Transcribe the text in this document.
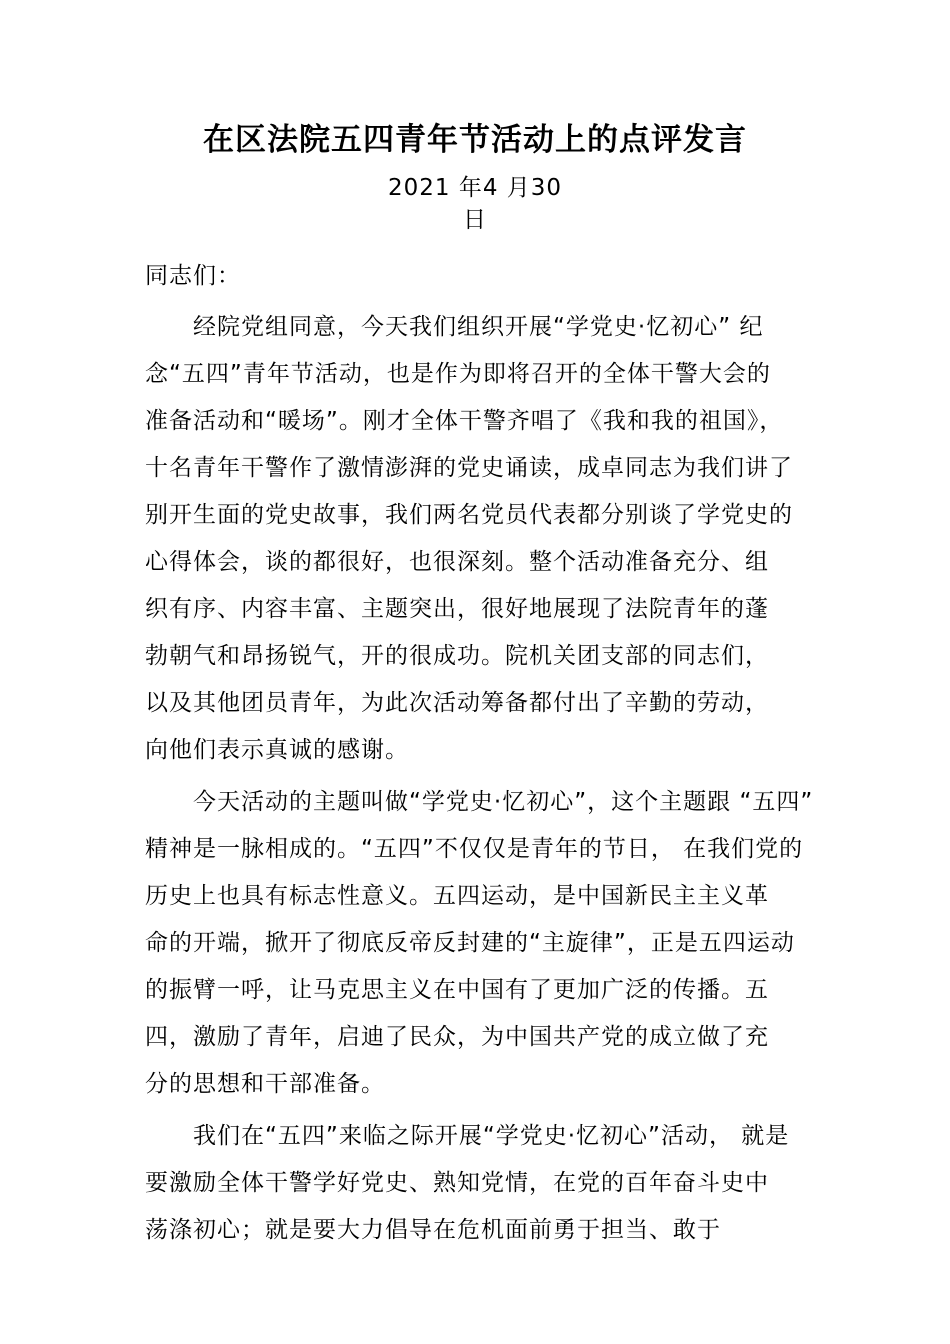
在区法院五四青年节活动上的点评发言
2021 年4 月30
日
同志们：
经院党组同意，今天我们组织开展“学党史·忆初心” 纪
念“五四”青年节活动，也是作为即将召开的全体干警大会的
准备活动和“暖场”。刚才全体干警齐唱了《我和我的祖国》，
十名青年干警作了激情澎湃的党史诵读，成卓同志为我们讲了
别开生面的党史故事，我们两名党员代表都分别谈了学党史的
心得体会，谈的都很好，也很深刻。整个活动准备充分、组
织有序、内容丰富、主题突出，很好地展现了法院青年的蓬
勃朝气和昂扬锐气，开的很成功。院机关团支部的同志们，
以及其他团员青年，为此次活动筹备都付出了辛勤的劳动，
向他们表示真诚的感谢。
今天活动的主题叫做“学党史·忆初心”，这个主题跟 “五四”
精神是一脉相成的。“五四”不仅仅是青年的节日， 在我们党的
历史上也具有标志性意义。五四运动，是中国新民主主义革
命的开端，掀开了彻底反帝反封建的“主旋律”，正是五四运动
的振臂一呼，让马克思主义在中国有了更加广泛的传播。五
四，激励了青年，启迪了民众，为中国共产党的成立做了充
分的思想和干部准备。
我们在“五四”来临之际开展“学党史·忆初心”活动， 就是
要激励全体干警学好党史、熟知党情，在党的百年奋斗史中
荡涤初心；就是要大力倡导在危机面前勇于担当、敢于
